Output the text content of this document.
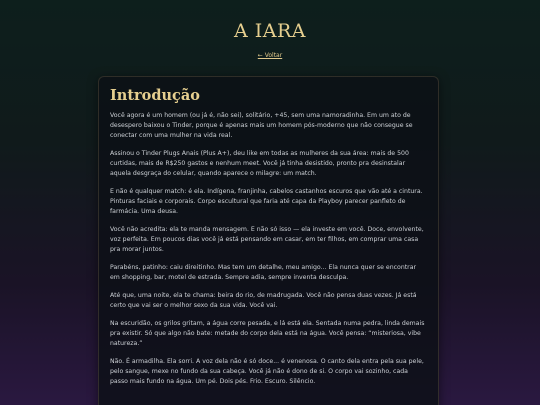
A IARA
← Voltar
Introdução

Você agora é um homem (ou já é, não sei), solitário, +45, sem uma namoradinha. Em um ato de desespero baixou o Tinder, porque é apenas mais um homem pós-moderno que não consegue se conectar com uma mulher na vida real.

Assinou o Tinder Plugs Anais (Plus A+), deu like em todas as mulheres da sua área: mais de 500 curtidas, mais de R$250 gastos e nenhum meet. Você já tinha desistido, pronto pra desinstalar aquela desgraça do celular, quando aparece o milagre: um match.

E não é qualquer match: é ela. Indígena, franjinha, cabelos castanhos escuros que vão até a cintura. Pinturas faciais e corporais. Corpo escultural que faria até capa da Playboy parecer panfleto de farmácia. Uma deusa.

Você não acredita: ela te manda mensagem. E não só isso — ela investe em você. Doce, envolvente, voz perfeita. Em poucos dias você já está pensando em casar, em ter filhos, em comprar uma casa pra morar juntos.

Parabéns, patinho: caiu direitinho. Mas tem um detalhe, meu amigo... Ela nunca quer se encontrar em shopping, bar, motel de estrada. Sempre adia, sempre inventa desculpa.

Até que, uma noite, ela te chama: beira do rio, de madrugada. Você não pensa duas vezes. Já está certo que vai ser o melhor sexo da sua vida. Você vai.

Na escuridão, os grilos gritam, a água corre pesada, e lá está ela. Sentada numa pedra, linda demais pra existir. Só que algo não bate: metade do corpo dela está na água. Você pensa: “misteriosa, vibe natureza.”

Não. É armadilha. Ela sorri. A voz dela não é só doce... é venenosa. O canto dela entra pela sua pele, pelo sangue, mexe no fundo da sua cabeça. Você já não é dono de si. O corpo vai sozinho, cada passo mais fundo na água. Um pé. Dois pés. Frio. Escuro. Silêncio.
